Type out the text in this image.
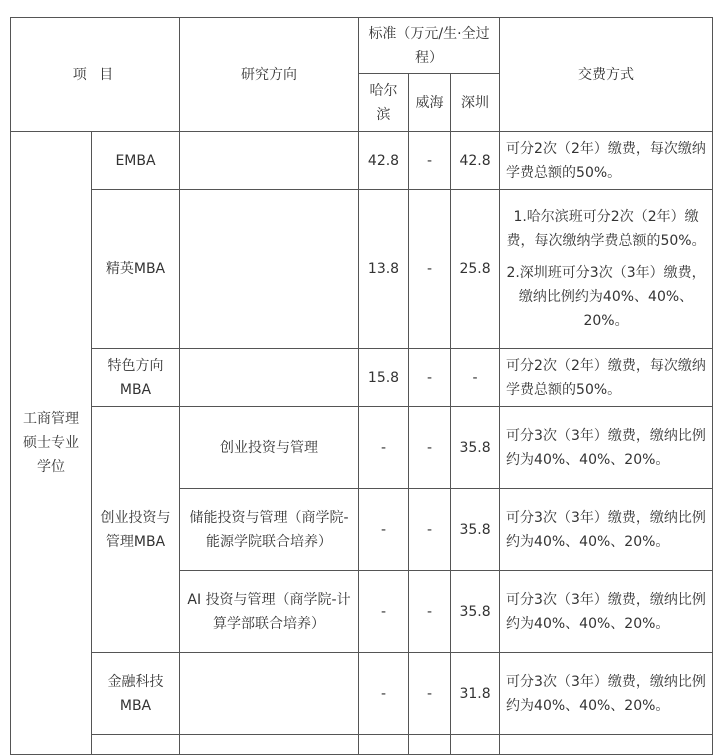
项 目		研究方向	标准（万元/生·全过程）			交费方式
			哈尔滨	威海	深圳	
工商管理硕士专业学位	EMBA		42.8	-	42.8	可分2次（2年）缴费，每次缴纳学费总额的50%。
	精英MBA		13.8	-	25.8	1.哈尔滨班可分2次（2年）缴费，每次缴纳学费总额的50%。

2.深圳班可分3次（3年）缴费，缴纳比例约为40%、40%、20%。

	特色方向MBA		15.8	-	-	可分2次（2年）缴费，每次缴纳学费总额的50%。
	创业投资与管理MBA	创业投资与管理	-	-	35.8	可分3次（3年）缴费，缴纳比例约为40%、40%、20%。
		储能投资与管理（商学院-能源学院联合培养）	-	-	35.8	可分3次（3年）缴费，缴纳比例约为40%、40%、20%。
		AI 投资与管理（商学院-计算学部联合培养）	-	-	35.8	可分3次（3年）缴费，缴纳比例约为40%、40%、20%。
	金融科技MBA		-	-	31.8	可分3次（3年）缴费，缴纳比例约为40%、40%、20%。
